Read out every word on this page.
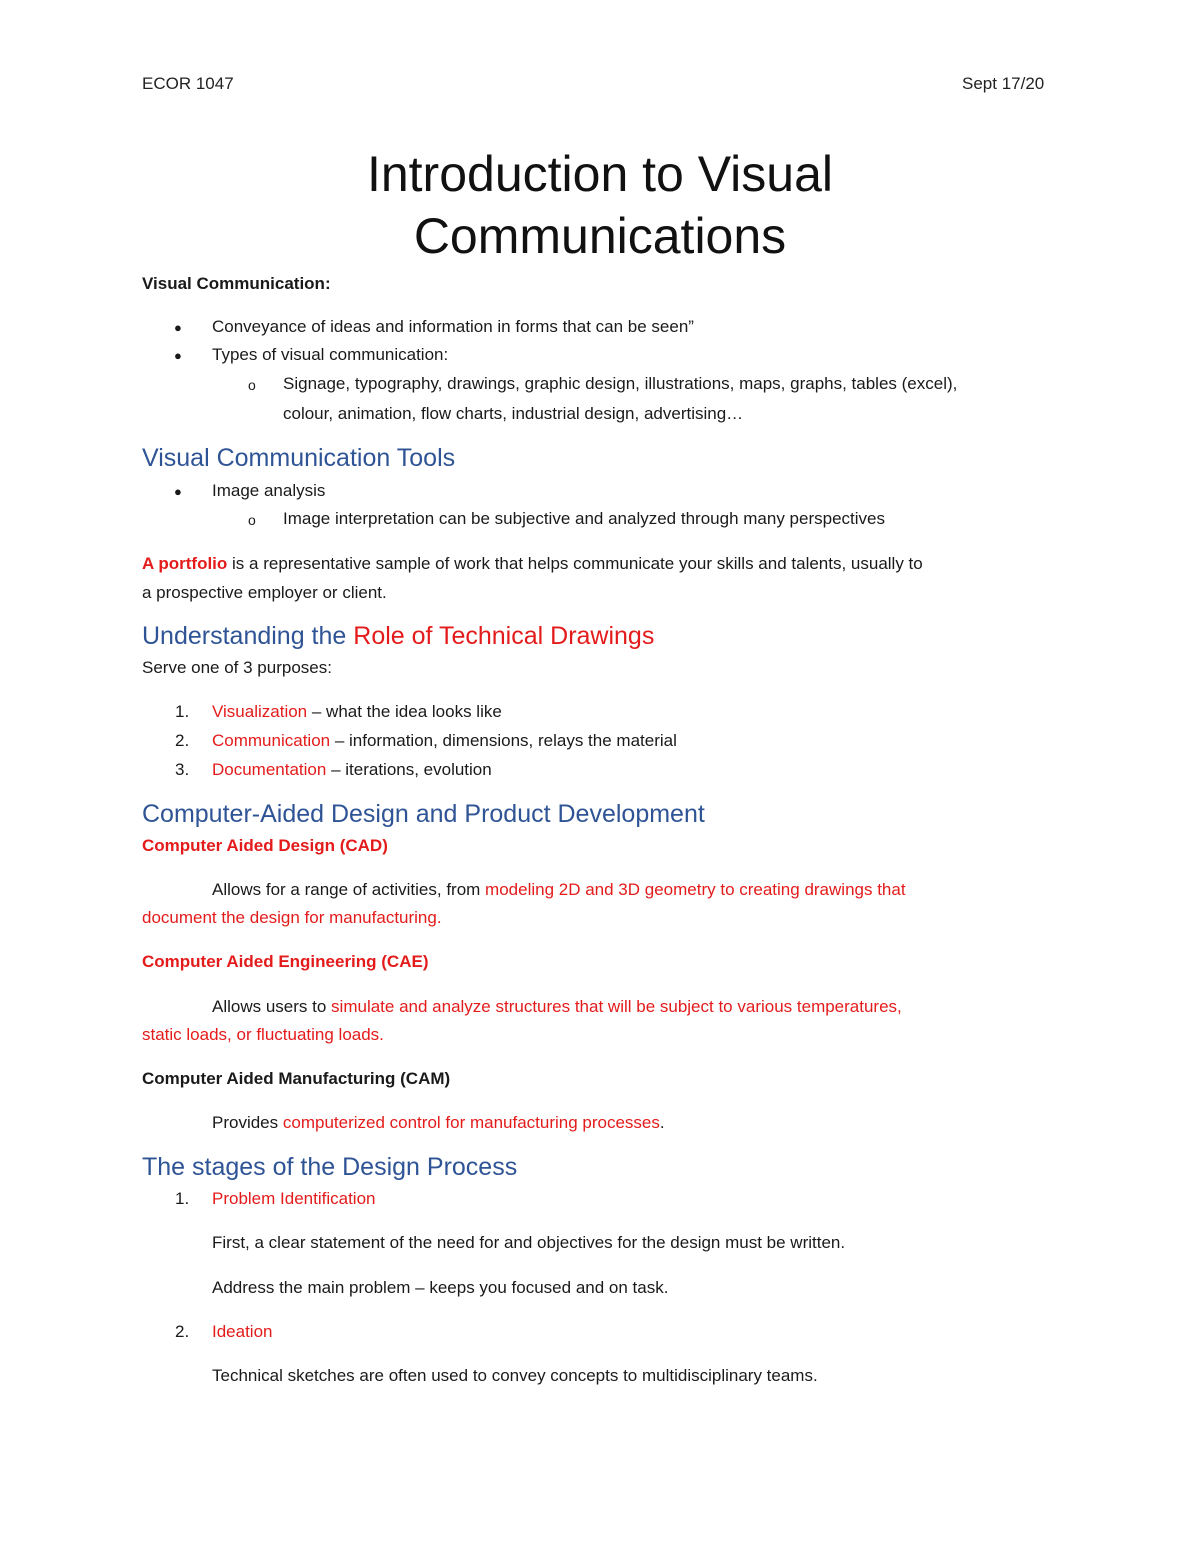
ECOR 1047	Sept 17/20
Introduction to Visual
Communications
Visual Communication:
● Conveyance of ideas and information in forms that can be seen”
● Types of visual communication:
o Signage, typography, drawings, graphic design, illustrations, maps, graphs, tables (excel),
colour, animation, flow charts, industrial design, advertising…
Visual Communication Tools
● Image analysis
o Image interpretation can be subjective and analyzed through many perspectives
A portfolio is a representative sample of work that helps communicate your skills and talents, usually to
a prospective employer or client.
Understanding the Role of Technical Drawings
Serve one of 3 purposes:
1. Visualization – what the idea looks like
2. Communication – information, dimensions, relays the material
3. Documentation – iterations, evolution
Computer-Aided Design and Product Development
Computer Aided Design (CAD)
Allows for a range of activities, from modeling 2D and 3D geometry to creating drawings that
document the design for manufacturing.
Computer Aided Engineering (CAE)
Allows users to simulate and analyze structures that will be subject to various temperatures,
static loads, or fluctuating loads.
Computer Aided Manufacturing (CAM)
Provides computerized control for manufacturing processes.
The stages of the Design Process
1. Problem Identification
First, a clear statement of the need for and objectives for the design must be written.
Address the main problem – keeps you focused and on task.
2. Ideation
Technical sketches are often used to convey concepts to multidisciplinary teams.
